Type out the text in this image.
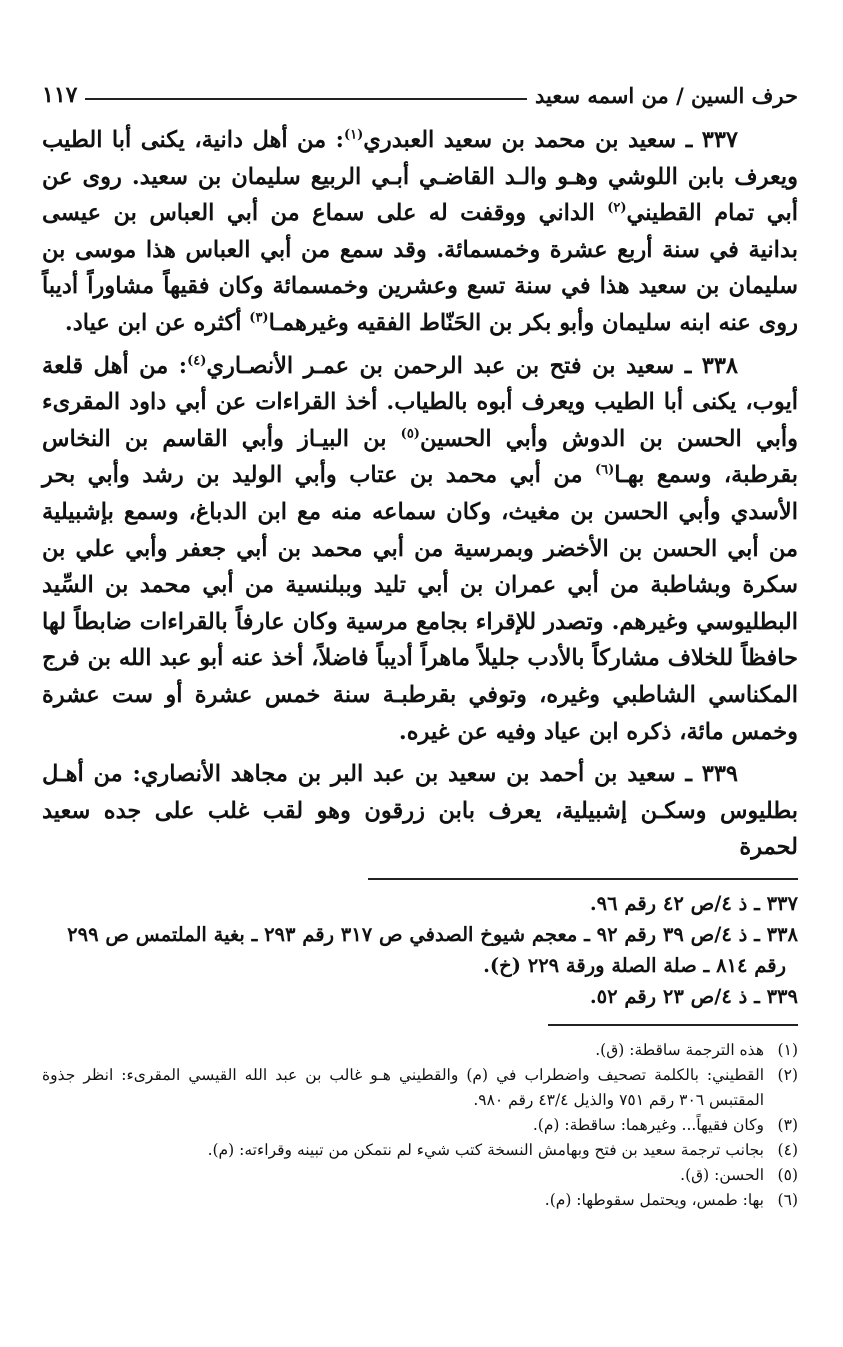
حرف السين / من اسمه سعيد
١١٧

٣٣٧ ـ سعيد بن محمد بن سعيد العبدري$^{(١)}$: من أهل دانية، يكنى أبا الطيب ويعرف بابن اللوشي وهـو والـد القاضـي أبـي الربيع سليمان بن سعيد. روى عن أبي تمام القطيني$^{(٢)}$ الداني ووقفت له على سماع من أبي العباس بن عيسى بدانية في سنة أربع عشرة وخمسمائة. وقد سمع من أبي العباس هذا موسى بن سليمان بن سعيد هذا في سنة تسع وعشرين وخمسمائة وكان فقيهاً مشاوراً أديباً روى عنه ابنه سليمان وأبو بكر بن الحَنّاط الفقيه وغيرهمـا$^{(٣)}$ أكثره عن ابن عياد.

٣٣٨ ـ سعيد بن فتح بن عبد الرحمن بن عمـر الأنصـاري$^{(٤)}$: من أهل قلعة أيوب، يكنى أبا الطيب ويعرف أبوه بالطياب. أخذ القراءات عن أبي داود المقرىء وأبي الحسن بن الدوش وأبي الحسين$^{(٥)}$ بن البيـاز وأبي القاسم بن النخاس بقرطبة، وسمع بهـا$^{(٦)}$ من أبي محمد بن عتاب وأبي الوليد بن رشد وأبي بحر الأسدي وأبي الحسن بن مغيث، وكان سماعه منه مع ابن الدباغ، وسمع بإشبيلية من أبي الحسن بن الأخضر وبمرسية من أبي محمد بن أبي جعفر وأبي علي بن سكرة وبشاطبة من أبي عمران بن أبي تليد وببلنسية من أبي محمد بن السِّيد البطليوسي وغيرهم. وتصدر للإقراء بجامع مرسية وكان عارفاً بالقراءات ضابطاً لها حافظاً للخلاف مشاركاً بالأدب جليلاً ماهراً أديباً فاضلاً، أخذ عنه أبو عبد الله بن فرج المكناسي الشاطبي وغيره، وتوفي بقرطبـة سنة خمس عشرة أو ست عشرة وخمس مائة، ذكره ابن عياد وفيه عن غيره.

٣٣٩ ـ سعيد بن أحمد بن سعيد بن عبد البر بن مجاهد الأنصاري: من أهـل بطليوس وسكـن إشبيلية، يعرف بابن زرقون وهو لقب غلب على جده سعيد لحمرة

٣٣٧ ـ ذ ٤/ص ٤٢ رقم ٩٦.

٣٣٨ ـ ذ ٤/ص ٣٩ رقم ٩٢ ـ معجم شيوخ الصدفي ص ٣١٧ رقم ٢٩٣ ـ بغية الملتمس ص ٢٩٩ رقم ٨١٤ ـ صلة الصلة ورقة ٢٢٩ (خ).

٣٣٩ ـ ذ ٤/ص ٢٣ رقم ٥٢.

(١)
هذه الترجمة ساقطة: (ق).

(٢)
القطيني: بالكلمة تصحيف واضطراب في (م) والقطيني هـو غالب بن عبد الله القيسي المقرىء: انظر جذوة المقتبس ٣٠٦ رقم ٧٥١ والذيل ٤٣/٤ رقم ٩٨٠.

(٣)
وكان فقيهاً... وغيرهما: ساقطة: (م).

(٤)
بجانب ترجمة سعيد بن فتح وبهامش النسخة كتب شيء لم نتمكن من تبينه وقراءته: (م).

(٥)
الحسن: (ق).

(٦)
بها: طمس، ويحتمل سقوطها: (م).
